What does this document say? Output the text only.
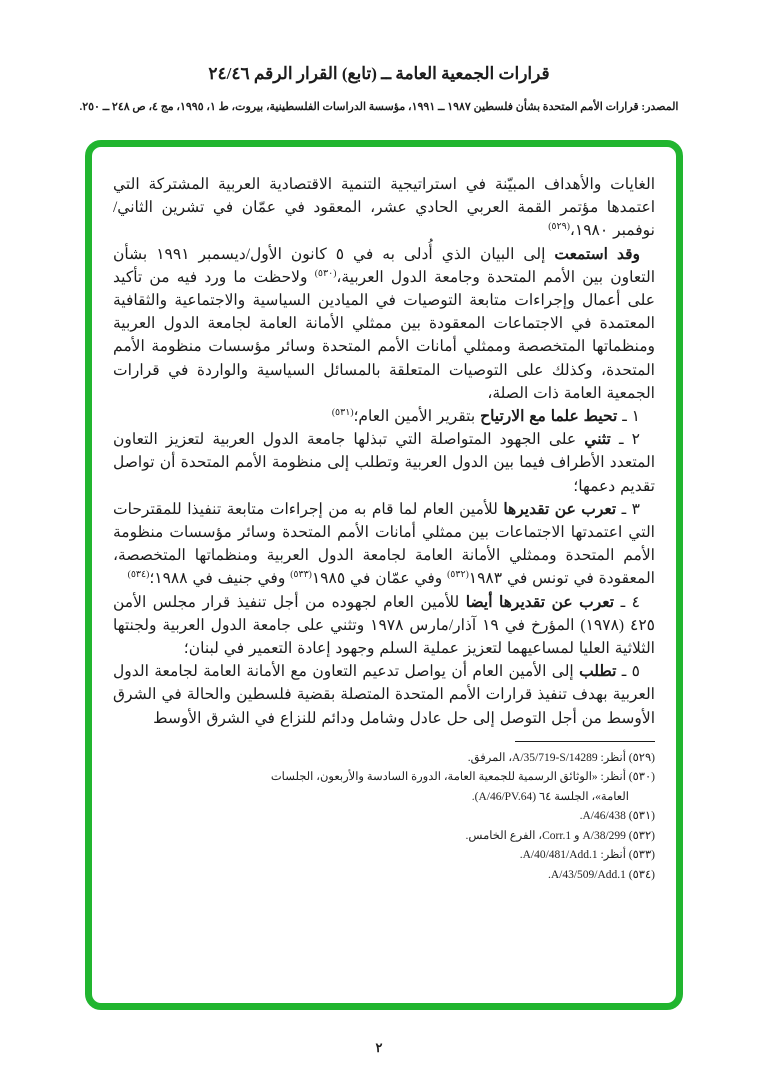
قرارات الجمعية العامة ــ (تابع) القرار الرقم ٢٤/٤٦
المصدر: قرارات الأمم المتحدة بشأن فلسطين ١٩٨٧ ــ ١٩٩١، مؤسسة الدراسات الفلسطينية، بيروت، ط ١، ١٩٩٥، مج ٤، ص ٢٤٨ ــ ٢٥٠.

الغايات والأهداف المبيّنة في استراتيجية التنمية الاقتصادية العربية المشتركة التي اعتمدها مؤتمر القمة العربي الحادي عشر، المعقود في عمّان في تشرين الثاني/نوفمبر ١٩٨٠،$^{(٥٢٩)}$

وقد استمعت إلى البيان الذي أُدلى به في ٥ كانون الأول/ديسمبر ١٩٩١ بشأن التعاون بين الأمم المتحدة وجامعة الدول العربية،$^{(٥٣٠)}$ ولاحظت ما ورد فيه من تأكيد على أعمال وإجراءات متابعة التوصيات في الميادين السياسية والاجتماعية والثقافية المعتمدة في الاجتماعات المعقودة بين ممثلي الأمانة العامة لجامعة الدول العربية ومنظماتها المتخصصة وممثلي أمانات الأمم المتحدة وسائر مؤسسات منظومة الأمم المتحدة، وكذلك على التوصيات المتعلقة بالمسائل السياسية والواردة في قرارات الجمعية العامة ذات الصلة،

١ ـ تحيط علما مع الارتياح بتقرير الأمين العام؛$^{(٥٣١)}$

٢ ـ تثني على الجهود المتواصلة التي تبذلها جامعة الدول العربية لتعزيز التعاون المتعدد الأطراف فيما بين الدول العربية وتطلب إلى منظومة الأمم المتحدة أن تواصل تقديم دعمها؛

٣ ـ تعرب عن تقديرها للأمين العام لما قام به من إجراءات متابعة تنفيذا للمقترحات التي اعتمدتها الاجتماعات بين ممثلي أمانات الأمم المتحدة وسائر مؤسسات منظومة الأمم المتحدة وممثلي الأمانة العامة لجامعة الدول العربية ومنظماتها المتخصصة، المعقودة في تونس في ١٩٨٣$^{(٥٣٢)}$ وفي عمّان في ١٩٨٥$^{(٥٣٣)}$ وفي جنيف في ١٩٨٨؛$^{(٥٣٤)}$

٤ ـ تعرب عن تقديرها أيضا للأمين العام لجهوده من أجل تنفيذ قرار مجلس الأمن ٤٢٥ (١٩٧٨) المؤرخ في ١٩ آذار/مارس ١٩٧٨ وتثني على جامعة الدول العربية ولجنتها الثلاثية العليا لمساعيهما لتعزيز عملية السلم وجهود إعادة التعمير في لبنان؛

٥ ـ تطلب إلى الأمين العام أن يواصل تدعيم التعاون مع الأمانة العامة لجامعة الدول العربية بهدف تنفيذ قرارات الأمم المتحدة المتصلة بقضية فلسطين والحالة في الشرق الأوسط من أجل التوصل إلى حل عادل وشامل ودائم للنزاع في الشرق الأوسط

(٥٢٩) أنظر: A/35/719-S/14289، المرفق.

(٥٣٠) أنظر: «الوثائق الرسمية للجمعية العامة، الدورة السادسة والأربعون، الجلسات العامة»، الجلسة ٦٤ (A/46/PV.64).

(٥٣١) A/46/438.

(٥٣٢) A/38/299 و Corr.1، الفرع الخامس.

(٥٣٣) أنظر: A/40/481/Add.1.

(٥٣٤) A/43/509/Add.1.

٢
